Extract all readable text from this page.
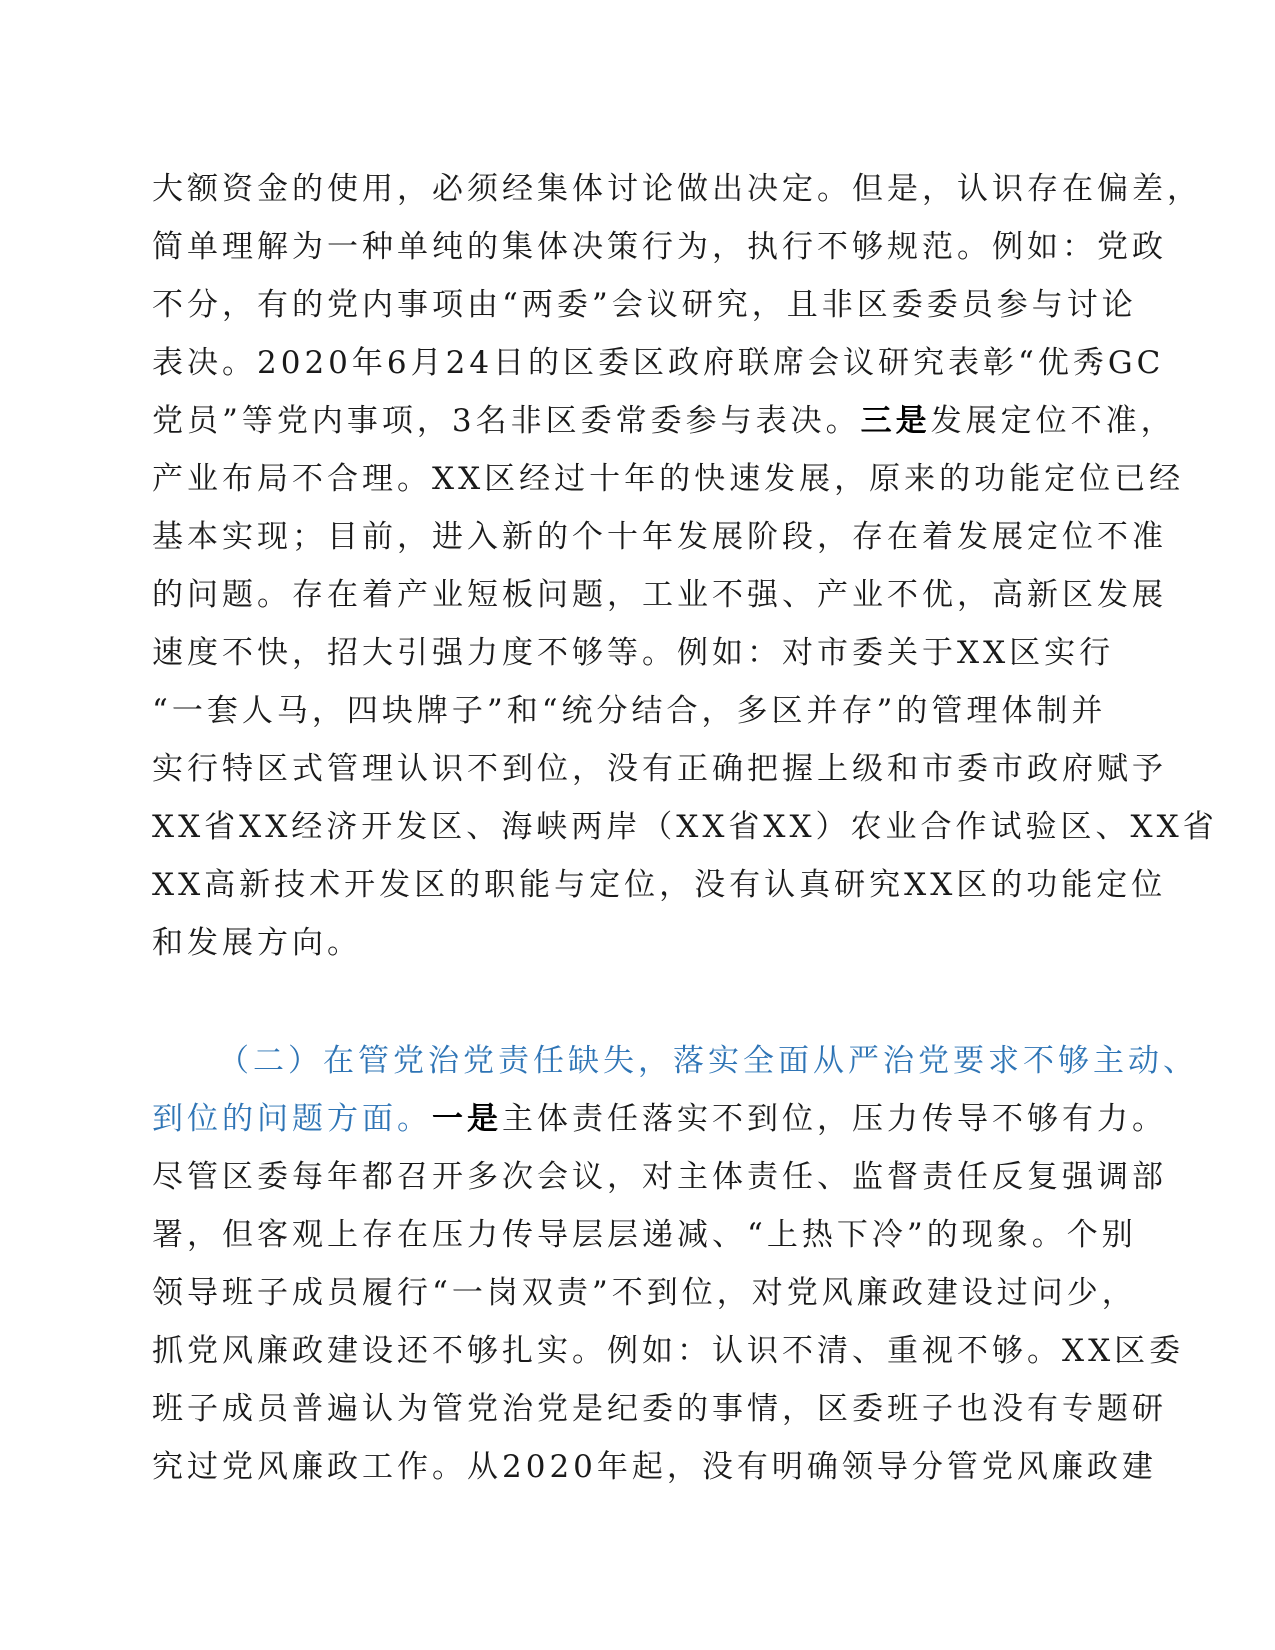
大额资金的使用，必须经集体讨论做出决定。但是，认识存在偏差，
简单理解为一种单纯的集体决策行为，执行不够规范。例如：党政
不分，有的党内事项由“两委”会议研究，且非区委委员参与讨论
表决。2020年6月24日的区委区政府联席会议研究表彰“优秀GC
党员”等党内事项，3名非区委常委参与表决。三是发展定位不准，
产业布局不合理。XX区经过十年的快速发展，原来的功能定位已经
基本实现；目前，进入新的个十年发展阶段，存在着发展定位不准
的问题。存在着产业短板问题，工业不强、产业不优，高新区发展
速度不快，招大引强力度不够等。例如：对市委关于XX区实行
“一套人马，四块牌子”和“统分结合，多区并存”的管理体制并
实行特区式管理认识不到位，没有正确把握上级和市委市政府赋予
XX省XX经济开发区、海峡两岸（XX省XX）农业合作试验区、XX省
XX高新技术开发区的职能与定位，没有认真研究XX区的功能定位
和发展方向。
（二）在管党治党责任缺失，落实全面从严治党要求不够主动、
到位的问题方面。一是主体责任落实不到位，压力传导不够有力。
尽管区委每年都召开多次会议，对主体责任、监督责任反复强调部
署，但客观上存在压力传导层层递减、“上热下冷”的现象。个别
领导班子成员履行“一岗双责”不到位，对党风廉政建设过问少，
抓党风廉政建设还不够扎实。例如：认识不清、重视不够。XX区委
班子成员普遍认为管党治党是纪委的事情，区委班子也没有专题研
究过党风廉政工作。从2020年起，没有明确领导分管党风廉政建
